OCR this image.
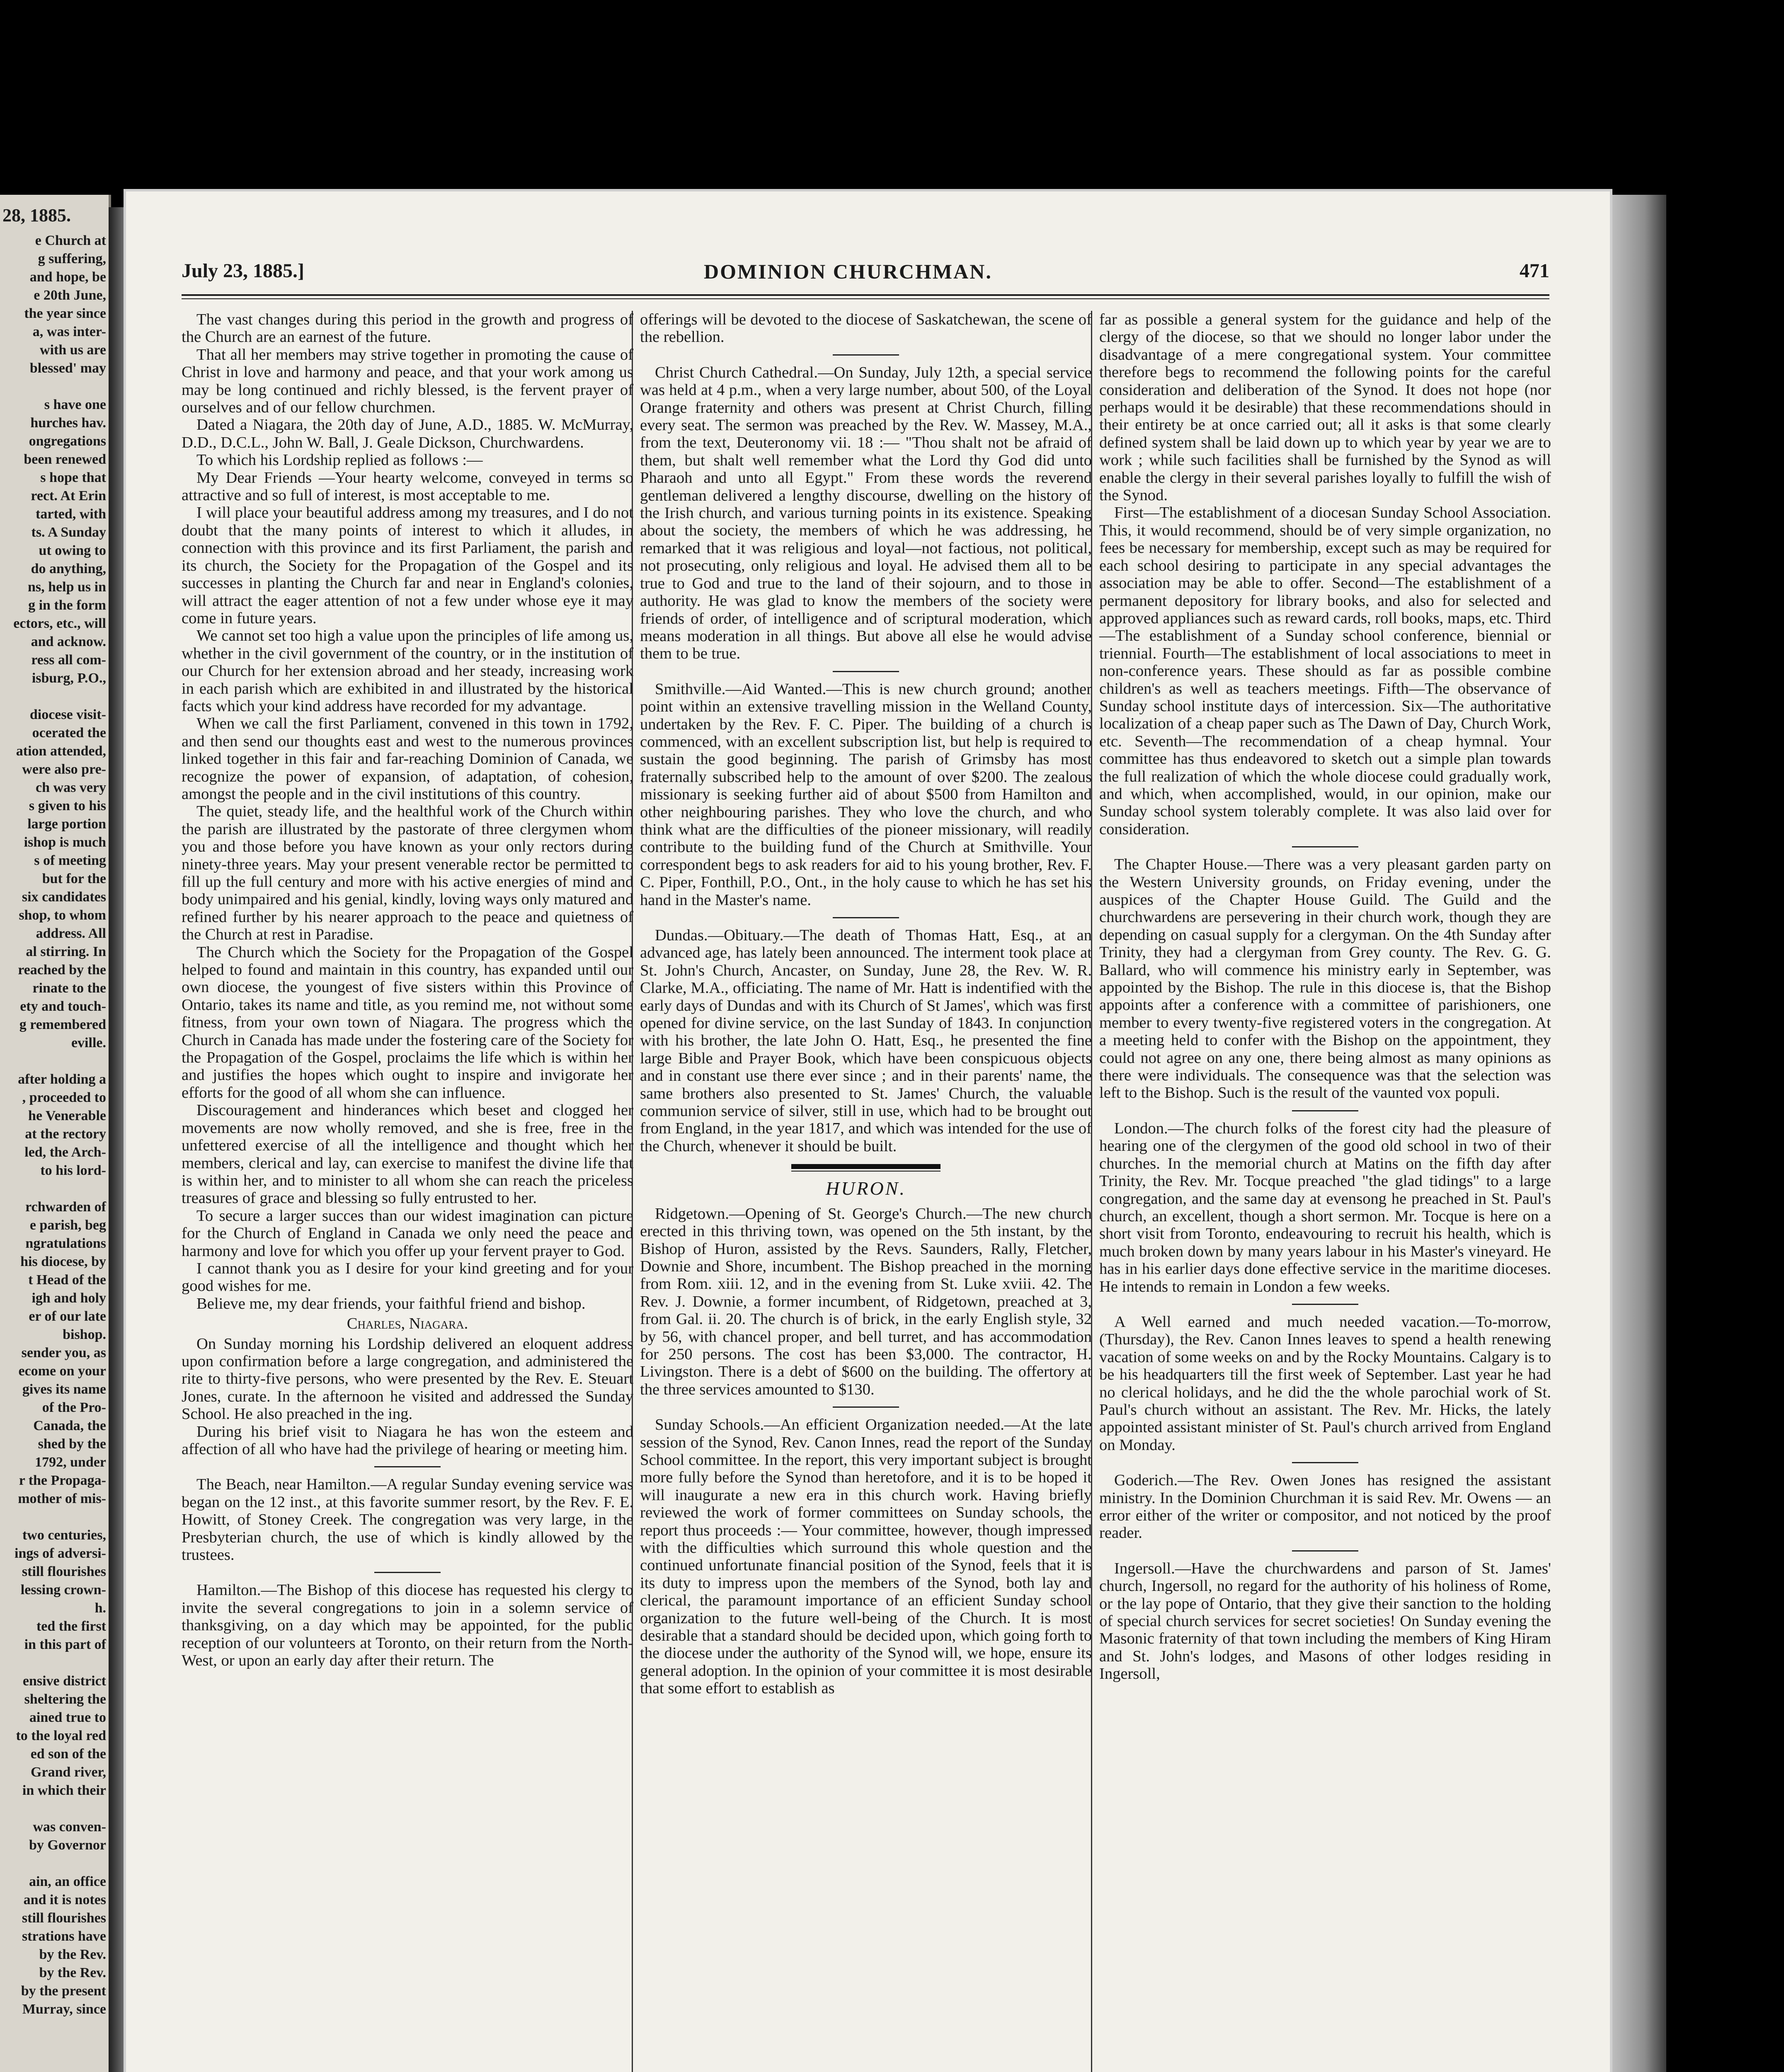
28, 1885.

e Church at

g suffering,

and hope, be

e 20th June,

the year since

a, was inter-

with us are

blessed' may

s have one

hurches hav.

ongregations

been renewed

s hope that

rect. At Erin

tarted, with

ts. A Sunday

ut owing to

do anything,

ns, help us in

g in the form

ectors, etc., will

and acknow.

ress all com-

isburg, P.O.,

diocese visit-

ocerated the

ation attended,

were also pre-

ch was very

s given to his

large portion

ishop is much

s of meeting

but for the

six candidates

shop, to whom

address. All

al stirring. In

reached by the

rinate to the

ety and touch-

g remembered

eville.

after holding a

, proceeded to

he Venerable

at the rectory

led, the Arch-

to his lord-

rchwarden of

e parish, beg

ngratulations

his diocese, by

t Head of the

igh and holy

er of our late

bishop.

sender you, as

ecome on your

gives its name

of the Pro-

Canada, the

shed by the

1792, under

r the Propaga-

mother of mis-

two centuries,

ings of adversi-

still flourishes

lessing crown-

h.

ted the first

in this part of

ensive district

sheltering the

ained true to

to the loyal red

ed son of the

Grand river,

in which their

was conven-

by Governor

ain, an office

and it is notes

still flourishes

strations have

by the Rev.

by the Rev.

by the present

Murray, since

July 23, 1885.]	DOMINION CHURCHMAN.	471

The vast changes during this period in the growth and progress of the Church are an earnest of the future.

That all her members may strive together in promoting the cause of Christ in love and harmony and peace, and that your work among us may be long continued and richly blessed, is the fervent prayer of ourselves and of our fellow churchmen.

Dated a Niagara, the 20th day of June, A.D., 1885. W. McMurray, D.D., D.C.L., John W. Ball, J. Geale Dickson, Churchwardens.

To which his Lordship replied as follows :—

My Dear Friends —Your hearty welcome, conveyed in terms so attractive and so full of interest, is most acceptable to me.

I will place your beautiful address among my treasures, and I do not doubt that the many points of interest to which it alludes, in connection with this province and its first Parliament, the parish and its church, the Society for the Propagation of the Gospel and its successes in planting the Church far and near in England's colonies, will attract the eager attention of not a few under whose eye it may come in future years.

We cannot set too high a value upon the principles of life among us, whether in the civil government of the country, or in the institution of our Church for her extension abroad and her steady, increasing work in each parish which are exhibited in and illustrated by the historical facts which your kind address have recorded for my advantage.

When we call the first Parliament, convened in this town in 1792, and then send our thoughts east and west to the numerous provinces linked together in this fair and far-reaching Dominion of Canada, we recognize the power of expansion, of adaptation, of cohesion, amongst the people and in the civil institutions of this country.

The quiet, steady life, and the healthful work of the Church within the parish are illustrated by the pastorate of three clergymen whom you and those before you have known as your only rectors during ninety-three years. May your present venerable rector be permitted to fill up the full century and more with his active energies of mind and body unimpaired and his genial, kindly, loving ways only matured and refined further by his nearer approach to the peace and quietness of the Church at rest in Paradise.

The Church which the Society for the Propagation of the Gospel helped to found and maintain in this country, has expanded until our own diocese, the youngest of five sisters within this Province of Ontario, takes its name and title, as you remind me, not without some fitness, from your own town of Niagara. The progress which the Church in Canada has made under the fostering care of the Society for the Propagation of the Gospel, proclaims the life which is within her and justifies the hopes which ought to inspire and invigorate her efforts for the good of all whom she can influence.

Discouragement and hinderances which beset and clogged her movements are now wholly removed, and she is free, free in the unfettered exercise of all the intelligence and thought which her members, clerical and lay, can exercise to manifest the divine life that is within her, and to minister to all whom she can reach the priceless treasures of grace and blessing so fully entrusted to her.

To secure a larger succes than our widest imagination can picture for the Church of England in Canada we only need the peace and harmony and love for which you offer up your fervent prayer to God.

I cannot thank you as I desire for your kind greeting and for your good wishes for me.

Believe me, my dear friends, your faithful friend and bishop.

Charles, Niagara.

On Sunday morning his Lordship delivered an eloquent address upon confirmation before a large congregation, and administered the rite to thirty-five persons, who were presented by the Rev. E. Steuart Jones, curate. In the afternoon he visited and addressed the Sunday School. He also preached in the ing.

During his brief visit to Niagara he has won the esteem and affection of all who have had the privilege of hearing or meeting him.

The Beach, near Hamilton.—A regular Sunday evening service was began on the 12 inst., at this favorite summer resort, by the Rev. F. E. Howitt, of Stoney Creek. The congregation was very large, in the Presbyterian church, the use of which is kindly allowed by the trustees.

Hamilton.—The Bishop of this diocese has requested his clergy to invite the several congregations to join in a solemn service of thanksgiving, on a day which may be appointed, for the public reception of our volunteers at Toronto, on their return from the North-West, or upon an early day after their return. The

offerings will be devoted to the diocese of Saskatchewan, the scene of the rebellion.

Christ Church Cathedral.—On Sunday, July 12th, a special service was held at 4 p.m., when a very large number, about 500, of the Loyal Orange fraternity and others was present at Christ Church, filling every seat. The sermon was preached by the Rev. W. Massey, M.A., from the text, Deuteronomy vii. 18 :— "Thou shalt not be afraid of them, but shalt well remember what the Lord thy God did unto Pharaoh and unto all Egypt." From these words the reverend gentleman delivered a lengthy discourse, dwelling on the history of the Irish church, and various turning points in its existence. Speaking about the society, the members of which he was addressing, he remarked that it was religious and loyal—not factious, not political, not prosecuting, only religious and loyal. He advised them all to be true to God and true to the land of their sojourn, and to those in authority. He was glad to know the members of the society were friends of order, of intelligence and of scriptural moderation, which means moderation in all things. But above all else he would advise them to be true.

Smithville.—Aid Wanted.—This is new church ground; another point within an extensive travelling mission in the Welland County, undertaken by the Rev. F. C. Piper. The building of a church is commenced, with an excellent subscription list, but help is required to sustain the good beginning. The parish of Grimsby has most fraternally subscribed help to the amount of over $200. The zealous missionary is seeking further aid of about $500 from Hamilton and other neighbouring parishes. They who love the church, and who think what are the difficulties of the pioneer missionary, will readily contribute to the building fund of the Church at Smithville. Your correspondent begs to ask readers for aid to his young brother, Rev. F. C. Piper, Fonthill, P.O., Ont., in the holy cause to which he has set his hand in the Master's name.

Dundas.—Obituary.—The death of Thomas Hatt, Esq., at an advanced age, has lately been announced. The interment took place at St. John's Church, Ancaster, on Sunday, June 28, the Rev. W. R. Clarke, M.A., officiating. The name of Mr. Hatt is indentified with the early days of Dundas and with its Church of St James', which was first opened for divine service, on the last Sunday of 1843. In conjunction with his brother, the late John O. Hatt, Esq., he presented the fine large Bible and Prayer Book, which have been conspicuous objects and in constant use there ever since ; and in their parents' name, the same brothers also presented to St. James' Church, the valuable communion service of silver, still in use, which had to be brought out from England, in the year 1817, and which was intended for the use of the Church, whenever it should be built.

HURON.

Ridgetown.—Opening of St. George's Church.—The new church erected in this thriving town, was opened on the 5th instant, by the Bishop of Huron, assisted by the Revs. Saunders, Rally, Fletcher, Downie and Shore, incumbent. The Bishop preached in the morning from Rom. xiii. 12, and in the evening from St. Luke xviii. 42. The Rev. J. Downie, a former incumbent, of Ridgetown, preached at 3, from Gal. ii. 20. The church is of brick, in the early English style, 32 by 56, with chancel proper, and bell turret, and has accommodation for 250 persons. The cost has been $3,000. The contractor, H. Livingston. There is a debt of $600 on the building. The offertory at the three services amounted to $130.

Sunday Schools.—An efficient Organization needed.—At the late session of the Synod, Rev. Canon Innes, read the report of the Sunday School committee. In the report, this very important subject is brought more fully before the Synod than heretofore, and it is to be hoped it will inaugurate a new era in this church work. Having briefly reviewed the work of former committees on Sunday schools, the report thus proceeds :— Your committee, however, though impressed with the difficulties which surround this whole question and the continued unfortunate financial position of the Synod, feels that it is its duty to impress upon the members of the Synod, both lay and clerical, the paramount importance of an efficient Sunday school organization to the future well-being of the Church. It is most desirable that a standard should be decided upon, which going forth to the diocese under the authority of the Synod will, we hope, ensure its general adoption. In the opinion of your committee it is most desirable that some effort to establish as

far as possible a general system for the guidance and help of the clergy of the diocese, so that we should no longer labor under the disadvantage of a mere congregational system. Your committee therefore begs to recommend the following points for the careful consideration and deliberation of the Synod. It does not hope (nor perhaps would it be desirable) that these recommendations should in their entirety be at once carried out; all it asks is that some clearly defined system shall be laid down up to which year by year we are to work ; while such facilities shall be furnished by the Synod as will enable the clergy in their several parishes loyally to fulfill the wish of the Synod.

First—The establishment of a diocesan Sunday School Association. This, it would recommend, should be of very simple organization, no fees be necessary for membership, except such as may be required for each school desiring to participate in any special advantages the association may be able to offer. Second—The establishment of a permanent depository for library books, and also for selected and approved appliances such as reward cards, roll books, maps, etc. Third—The establishment of a Sunday school conference, biennial or triennial. Fourth—The establishment of local associations to meet in non-conference years. These should as far as possible combine children's as well as teachers meetings. Fifth—The observance of Sunday school institute days of intercession. Six—The authoritative localization of a cheap paper such as The Dawn of Day, Church Work, etc. Seventh—The recommendation of a cheap hymnal. Your committee has thus endeavored to sketch out a simple plan towards the full realization of which the whole diocese could gradually work, and which, when accomplished, would, in our opinion, make our Sunday school system tolerably complete. It was also laid over for consideration.

The Chapter House.—There was a very pleasant garden party on the Western University grounds, on Friday evening, under the auspices of the Chapter House Guild. The Guild and the churchwardens are persevering in their church work, though they are depending on casual supply for a clergyman. On the 4th Sunday after Trinity, they had a clergyman from Grey county. The Rev. G. G. Ballard, who will commence his ministry early in September, was appointed by the Bishop. The rule in this diocese is, that the Bishop appoints after a conference with a committee of parishioners, one member to every twenty-five registered voters in the congregation. At a meeting held to confer with the Bishop on the appointment, they could not agree on any one, there being almost as many opinions as there were individuals. The consequence was that the selection was left to the Bishop. Such is the result of the vaunted vox populi.

London.—The church folks of the forest city had the pleasure of hearing one of the clergymen of the good old school in two of their churches. In the memorial church at Matins on the fifth day after Trinity, the Rev. Mr. Tocque preached "the glad tidings" to a large congregation, and the same day at evensong he preached in St. Paul's church, an excellent, though a short sermon. Mr. Tocque is here on a short visit from Toronto, endeavouring to recruit his health, which is much broken down by many years labour in his Master's vineyard. He has in his earlier days done effective service in the maritime dioceses. He intends to remain in London a few weeks.

A Well earned and much needed vacation.—To-morrow, (Thursday), the Rev. Canon Innes leaves to spend a health renewing vacation of some weeks on and by the Rocky Mountains. Calgary is to be his headquarters till the first week of September. Last year he had no clerical holidays, and he did the the whole parochial work of St. Paul's church without an assistant. The Rev. Mr. Hicks, the lately appointed assistant minister of St. Paul's church arrived from England on Monday.

Goderich.—The Rev. Owen Jones has resigned the assistant ministry. In the Dominion Churchman it is said Rev. Mr. Owens — an error either of the writer or compositor, and not noticed by the proof reader.

Ingersoll.—Have the churchwardens and parson of St. James' church, Ingersoll, no regard for the authority of his holiness of Rome, or the lay pope of Ontario, that they give their sanction to the holding of special church services for secret societies! On Sunday evening the Masonic fraternity of that town including the members of King Hiram and St. John's lodges, and Masons of other lodges residing in Ingersoll,
